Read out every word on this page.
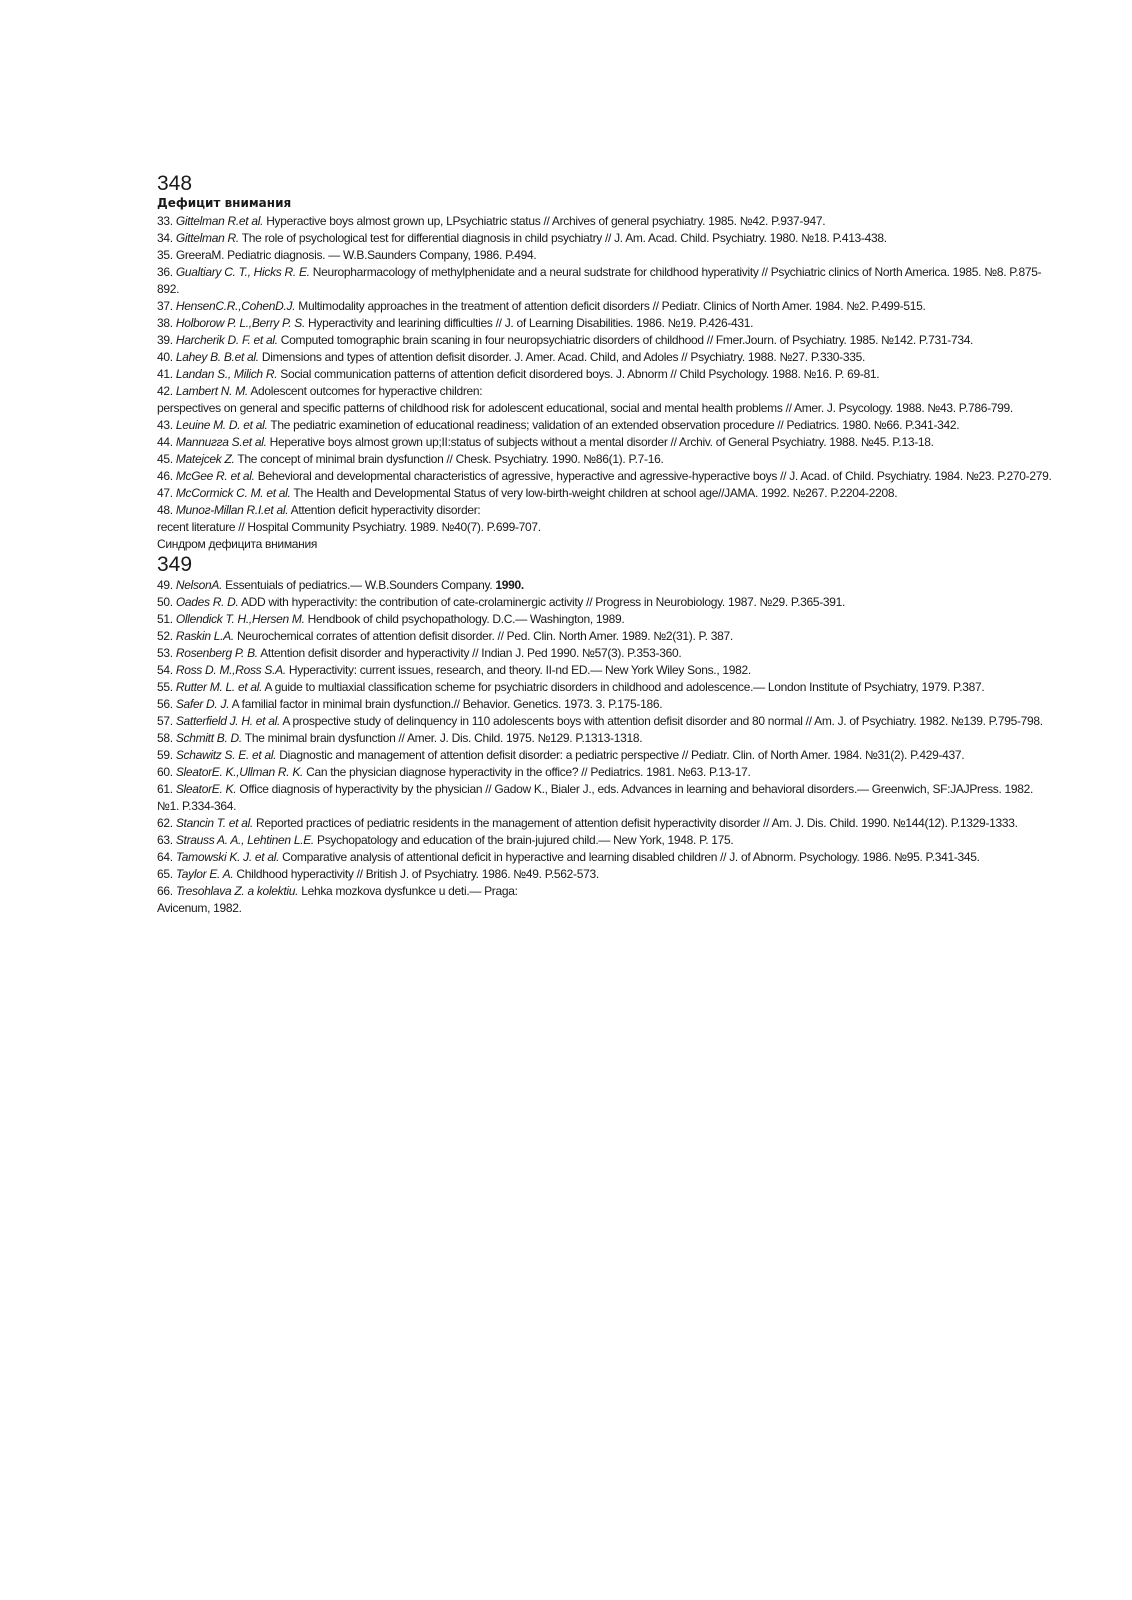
348
Дефицит внимания

33. Gittelman R.et al. Hyperactive boys almost grown up, LPsychiatric status // Archives of general psychiatry. 1985. №42. P.937-947.

34. Gittelman R. The role of psychological test for differential diagnosis in child psychiatry // J. Am. Acad. Child. Psychiatry. 1980. №18. P.413-438.

35. GreeraM. Pediatric diagnosis. — W.B.Saunders Company, 1986. P.494.

36. Gualtiary C. T., Hicks R. E. Neuropharmacology of methylphenidate and a neural sudstrate for childhood hyperativity // Psychiatric clinics of North America. 1985. №8. P.875-892.

37. HensenC.R.,CohenD.J. Multimodality approaches in the treatment of attention deficit disorders // Pediatr. Clinics of North Amer. 1984. №2. P.499-515.

38. Holborow P. L.,Berry P. S. Hyperactivity and learining difficulties // J. of Learning Disabilities. 1986. №19. P.426-431.

39. Harcherik D. F. et al. Computed tomographic brain scaning in four neuropsychiatric disorders of childhood // Fmer.Journ. of Psychiatry. 1985. №142. P.731-734.

40. Lahey B. B.et al. Dimensions and types of attention defisit disorder. J. Amer. Acad. Child, and Adoles // Psychiatry. 1988. №27. P.330-335.

41. Landan S., Milich R. Social communication patterns of attention deficit disordered boys. J. Abnorm // Child Psychology. 1988. №16. P. 69-81.

42. Lambert N. M. Adolescent outcomes for hyperactive children:

perspectives on general and specific patterns of childhood risk for adolescent educational, social and mental health problems // Amer. J. Psycology. 1988. №43. P.786-799.

43. Leuine M. D. et al. The pediatric examinetion of educational readiness; validation of an extended observation procedure // Pediatrics. 1980. №66. P.341-342.

44. Mannuггa S.et al. Heperative boys almost grown up;II:status of subjects without a mental disorder // Archiv. of General Psychiatry. 1988. №45. P.13-18.

45. Matejcek Z. The concept of minimal brain dysfunction // Chesk. Psychiatry. 1990. №86(1). P.7-16.

46. McGee R. et al. Behevioral and developmental characteristics of agressive, hyperactive and agressive-hyperactive boys // J. Acad. of Child. Psychiatry. 1984. №23. P.270-279.

47. McCormick C. M. et al. The Health and Developmental Status of very low-birth-weight children at school age//JAMA. 1992. №267. P.2204-2208.

48. Mиnoг-Millan R.I.et al. Attention deficit hyperactivity disorder:

recent literature // Hospital Community Psychiatry. 1989. №40(7). P.699-707.

Синдром дефицита внимания

349

49. NelsonA. Essentuials of pediatrics.— W.B.Sounders Company. 1990.

50. Oades R. D. ADD with hyperactivity: the contribution of cate-crolaminergic activity // Progress in Neurobiology. 1987. №29. P.365-391.

51. Ollendick T. H.,Hersen M. Hendbook of child psychopathology. D.C.— Washington, 1989.

52. Raskin L.A. Neurochemical corrates of attention defisit disorder. // Ped. Clin. North Amer. 1989. №2(31). P. 387.

53. Rosenberg P. B. Attention defisit disorder and hyperactivity // Indian J. Ped 1990. №57(3). P.353-360.

54. Ross D. M.,Ross S.A. Hyperactivity: current issues, research, and theory. II-nd ED.— New York Wiley Sons., 1982.

55. Rutter M. L. et al. A guide to multiaxial classification scheme for psychiatric disorders in childhood and adolescence.— London Institute of Psychiatry, 1979. P.387.

56. Safer D. J. A familial factor in minimal brain dysfunction.// Behavior. Genetics. 1973. 3. P.175-186.

57. Satterfield J. H. et al. A prospective study of delinquency in 110 adolescents boys with attention defisit disorder and 80 normal // Am. J. of Psychiatry. 1982. №139. P.795-798.

58. Schmitt B. D. The minimal brain dysfunction // Amer. J. Dis. Child. 1975. №129. P.1313-1318.

59. Schawitz S. E. et al. Diagnostic and management of attention defisit disorder: a pediatric perspective // Pediatr. Clin. of North Amer. 1984. №31(2). P.429-437.

60. SleatorE. K.,Ullman R. K. Can the physician diagnose hyperactivity in the office? // Pediatrics. 1981. №63. P.13-17.

61. SleatorE. K. Office diagnosis of hyperactivity by the physician // Gadow K., Bialer J., eds. Advances in learning and behavioral disorders.— Greenwich, SF:JAJPress. 1982. №1. P.334-364.

62. Stancin T. et al. Reported practices of pediatric residents in the management of attention defisit hyperactivity disorder // Am. J. Dis. Child. 1990. №144(12). P.1329-1333.

63. Strauss A. A., Lehtinen L.E. Psychopatology and education of the brain-jujured child.— New York, 1948. P. 175.

64. Tamowski K. J. et al. Comparative analysis of attentional deficit in hyperactive and learning disabled children // J. of Abnorm. Psychology. 1986. №95. P.341-345.

65. Taylor E. A. Childhood hyperactivity // British J. of Psychiatry. 1986. №49. P.562-573.

66. Tresohlava Z. a kolektiu. Lehka mozkova dysfunkce u deti.— Praga:

Avicenum, 1982.
